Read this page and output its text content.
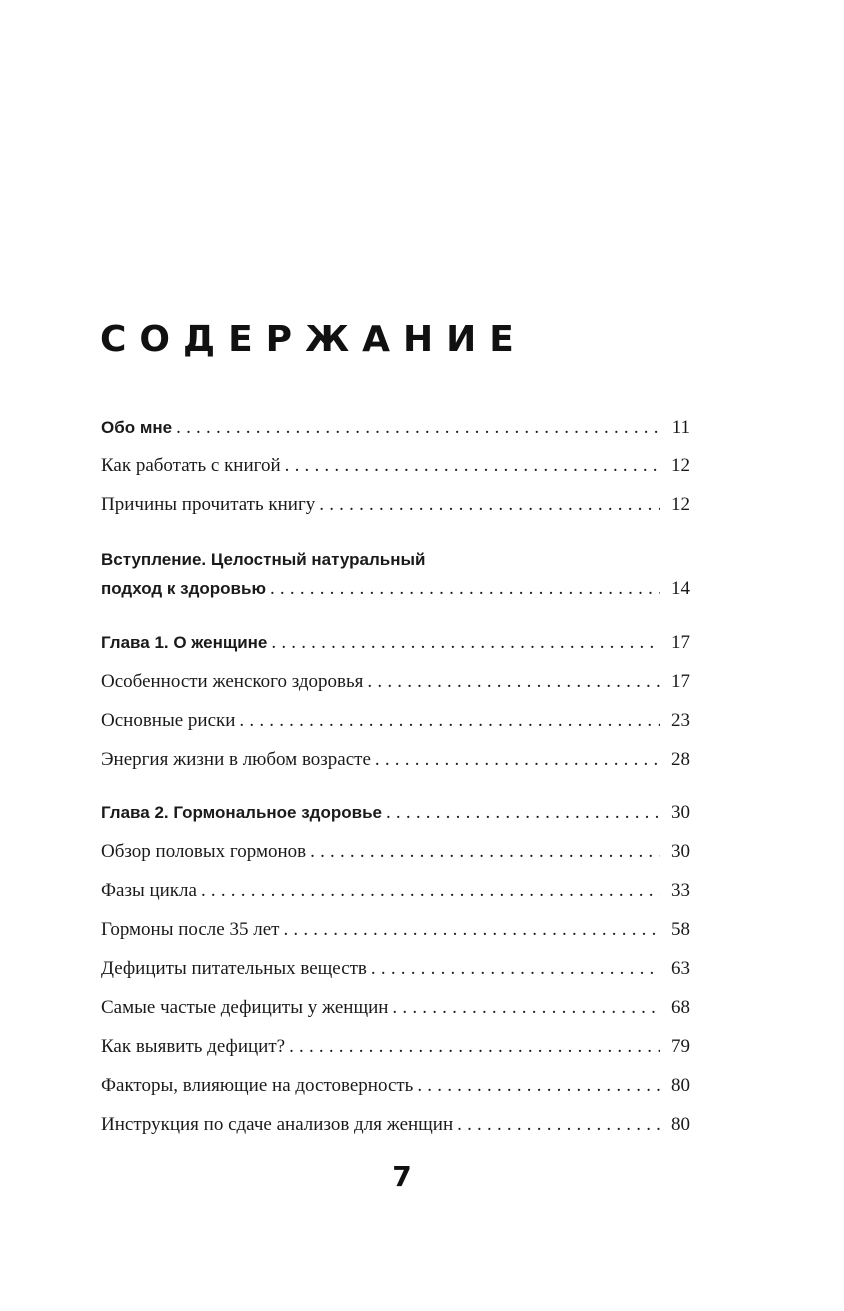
СОДЕРЖАНИЕ
Обо мне .....	11
Как работать с книгой .....	12
Причины прочитать книгу .....	12
Вступление. Целостный натуральный
подход к здоровью .....	14
Глава 1. О женщине .....	17
Особенности женского здоровья .....	17
Основные риски .....	23
Энергия жизни в любом возрасте .....	28
Глава 2. Гормональное здоровье .....	30
Обзор половых гормонов .....	30
Фазы цикла .....	33
Гормоны после 35 лет .....	58
Дефициты питательных веществ .....	63
Самые частые дефициты у женщин .....	68
Как выявить дефицит? .....	79
Факторы, влияющие на достоверность .....	80
Инструкция по сдаче анализов для женщин .....	80
7
